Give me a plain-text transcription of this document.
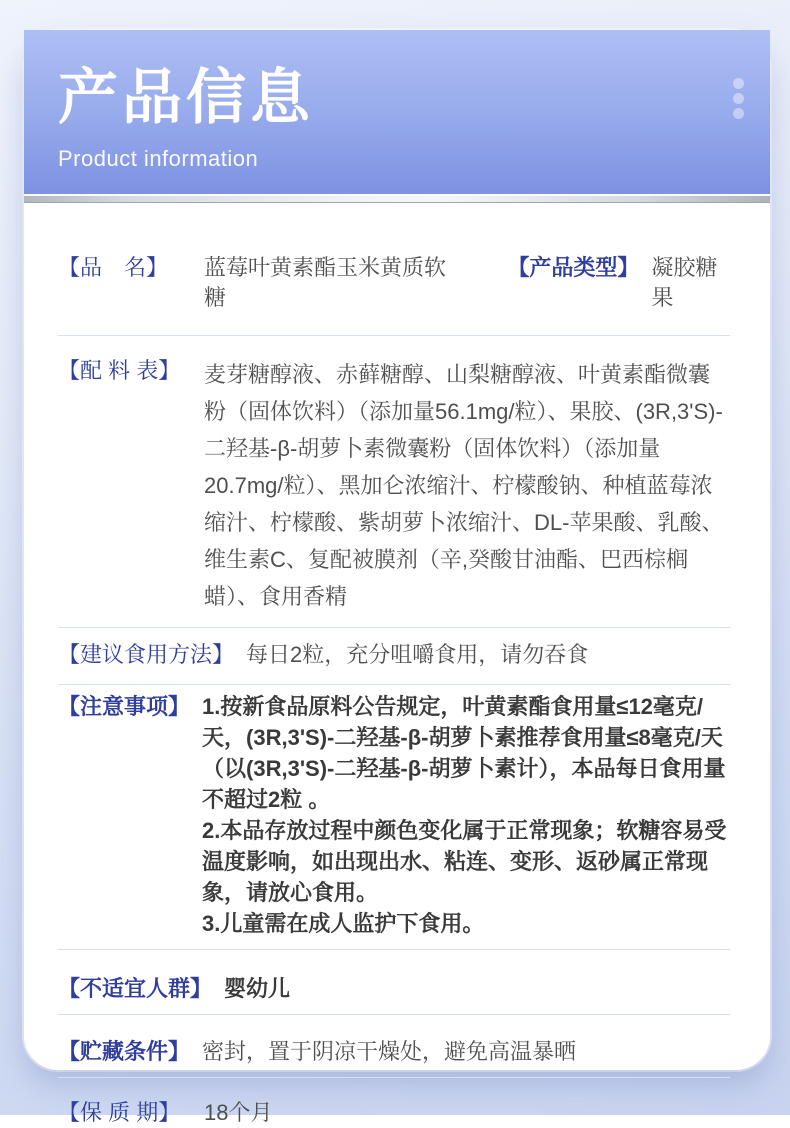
产品信息
Product information
【品　名】	蓝莓叶黄素酯玉米黄质软糖
【产品类型】 凝胶糖果
【配 料 表】	麦芽糖醇液、赤藓糖醇、山梨糖醇液、叶黄素酯微囊粉（固体饮料）（添加量56.1mg/粒）、果胶、(3R,3'S)-二羟基-β-胡萝卜素微囊粉（固体饮料）（添加量20.7mg/粒）、黑加仑浓缩汁、柠檬酸钠、种植蓝莓浓缩汁、柠檬酸、紫胡萝卜浓缩汁、DL-苹果酸、乳酸、维生素C、复配被膜剂（辛,癸酸甘油酯、巴西棕榈蜡）、食用香精
【建议食用方法】 每日2粒，充分咀嚼食用，请勿吞食
【注意事项】 1.按新食品原料公告规定，叶黄素酯食用量≤12毫克/天，(3R,3'S)-二羟基-β-胡萝卜素推荐食用量≤8毫克/天（以(3R,3'S)-二羟基-β-胡萝卜素计），本品每日食用量不超过2粒 。
2.本品存放过程中颜色变化属于正常现象；软糖容易受温度影响，如出现出水、粘连、变形、返砂属正常现象，请放心食用。
3.儿童需在成人监护下食用。
【不适宜人群】 婴幼儿
【贮藏条件】 密封，置于阴凉干燥处，避免高温暴晒
【保 质 期】	18个月
